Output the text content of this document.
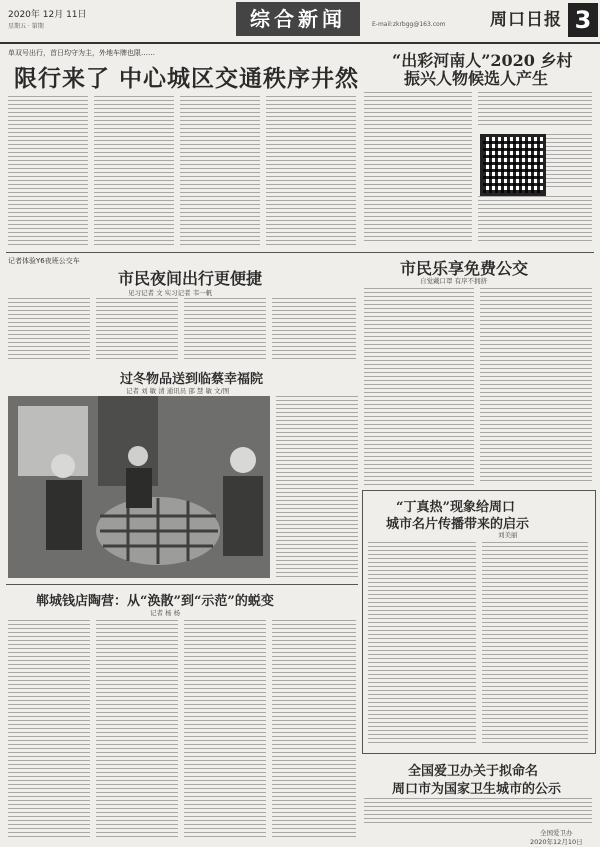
2020年 12月 11日
星期五 · 第期	综合新闻	E-mail:zkrbgg@163.com	周口日报 3
单双号出行，首日均守为主，外地车牌也限……
限行来了 中心城区交通秩序井然
“出彩河南人”2020 乡村
振兴人物候选人产生
记者体验Y6夜班公交车
市民夜间出行更便捷
见习记者 文 实习记者 韦一帆
市民乐享免费公交
自觉戴口罩 有序不拥挤
过冬物品送到临蔡幸福院
记者 刘 敏 清 通讯员 邵 慧 敏 文/图
“丁真热”现象给周口
城市名片传播带来的启示
刘美丽
郸城钱店陶营：从“涣散”到“示范”的蜕变
记者 杨 杨
全国爱卫办关于拟命名
周口市为国家卫生城市的公示
全国爱卫办
2020年12月10日
